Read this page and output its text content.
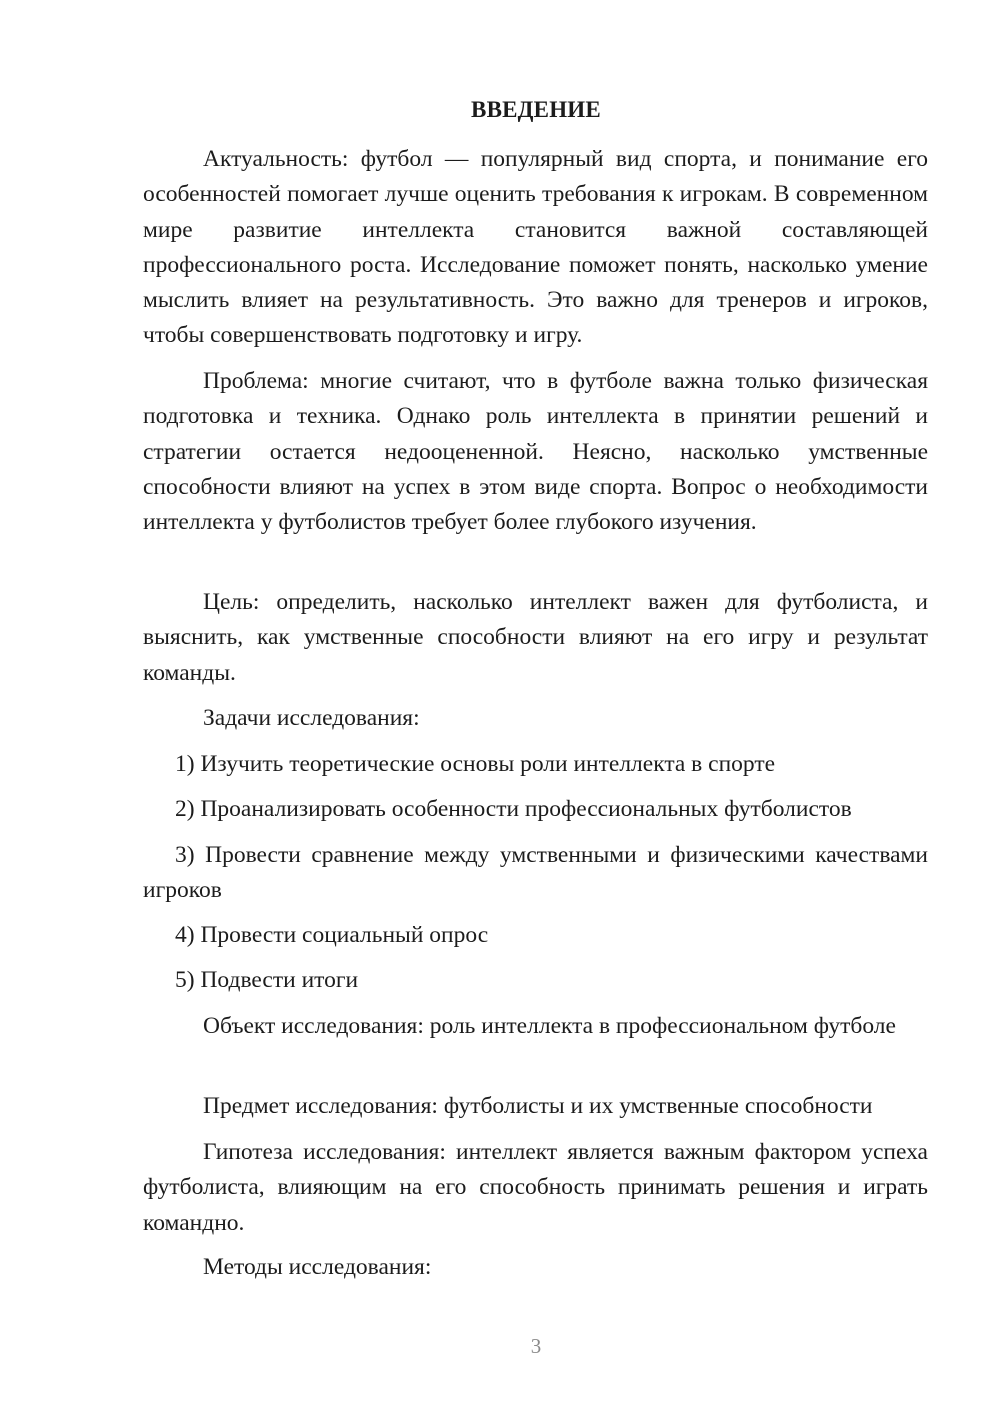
ВВЕДЕНИЕ

Актуальность: футбол — популярный вид спорта, и понимание его особенностей помогает лучше оценить требования к игрокам. В современном мире развитие интеллекта становится важной составляющей профессионального роста. Исследование поможет понять, насколько умение мыслить влияет на результативность. Это важно для тренеров и игроков, чтобы совершенствовать подготовку и игру.

Проблема: многие считают, что в футболе важна только физическая подготовка и техника. Однако роль интеллекта в принятии решений и стратегии остается недооцененной. Неясно, насколько умственные способности влияют на успех в этом виде спорта. Вопрос о необходимости интеллекта у футболистов требует более глубокого изучения.

Цель: определить, насколько интеллект важен для футболиста, и выяснить, как умственные способности влияют на его игру и результат команды.

Задачи исследования:

1) Изучить теоретические основы роли интеллекта в спорте

2) Проанализировать особенности профессиональных футболистов

3) Провести сравнение между умственными и физическими качествами игроков

4) Провести социальный опрос

5) Подвести итоги

Объект исследования: роль интеллекта в профессиональном футболе

Предмет исследования: футболисты и их умственные способности

Гипотеза исследования: интеллект является важным фактором успеха футболиста, влияющим на его способность принимать решения и играть командно.

Методы исследования:

3
